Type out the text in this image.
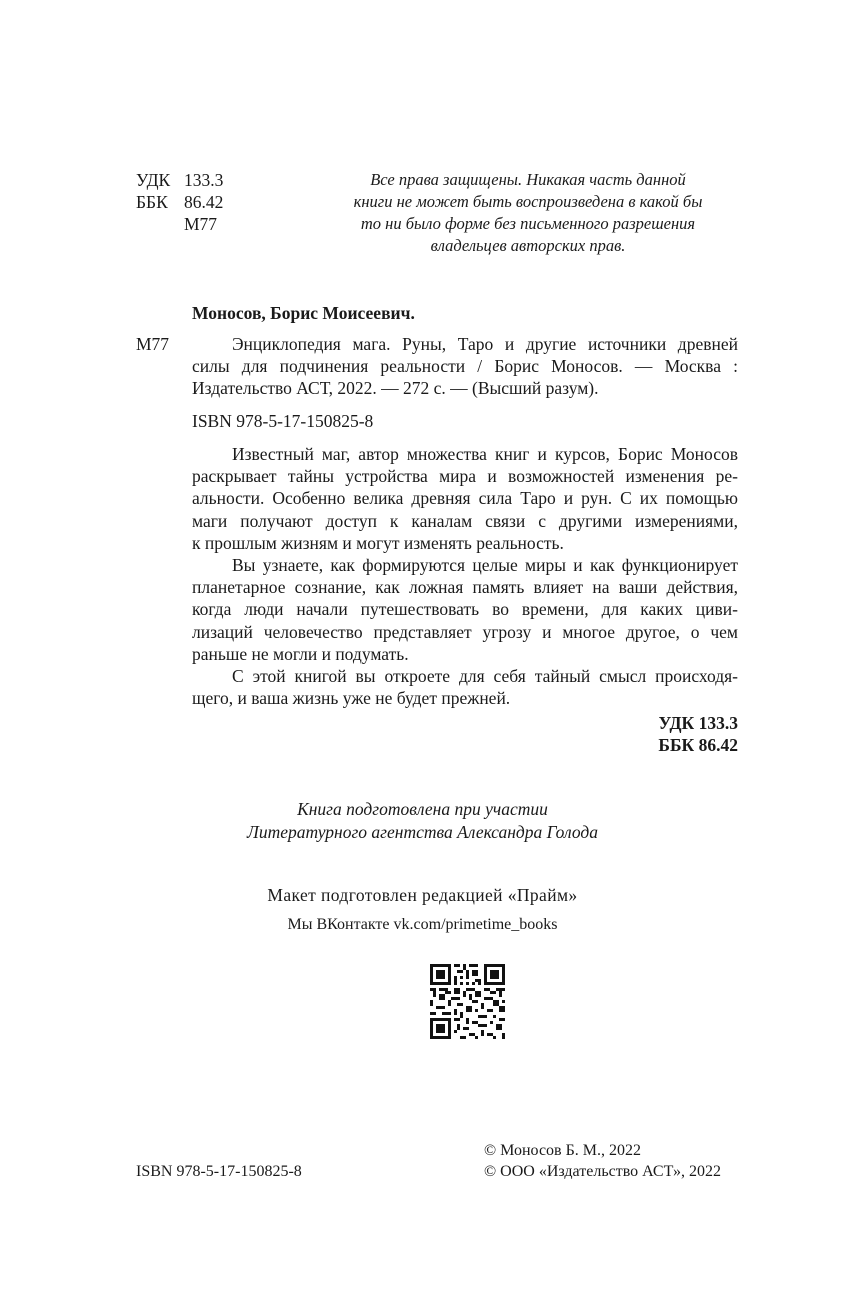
УДК 133.3
ББК 86.42
М77
Все права защищены. Никакая часть данной
книги не может быть воспроизведена в какой бы
то ни было форме без письменного разрешения
владельцев авторских прав.
Моносов, Борис Моисеевич.
М77	Энциклопедия мага. Руны, Таро и другие источники древней
силы для подчинения реальности / Борис Моносов. — Москва :
Издательство АСТ, 2022. — 272 с. — (Высший разум).
ISBN 978-5-17-150825-8
Известный маг, автор множества книг и курсов, Борис Моносов
раскрывает тайны устройства мира и возможностей изменения ре-
альности. Особенно велика древняя сила Таро и рун. С их помощью
маги получают доступ к каналам связи с другими измерениями,
к прошлым жизням и могут изменять реальность.
Вы узнаете, как формируются целые миры и как функционирует
планетарное сознание, как ложная память влияет на ваши действия,
когда люди начали путешествовать во времени, для каких циви-
лизаций человечество представляет угрозу и многое другое, о чем
раньше не могли и подумать.
С этой книгой вы откроете для себя тайный смысл происходя-
щего, и ваша жизнь уже не будет прежней.
УДК 133.3
ББК 86.42
Книга подготовлена при участии
Литературного агентства Александра Голода
Макет подготовлен редакцией «Прайм»
Мы ВКонтакте vk.com/primetime_books
© Моносов Б. М., 2022
© ООО «Издательство АСТ», 2022
ISBN 978-5-17-150825-8
